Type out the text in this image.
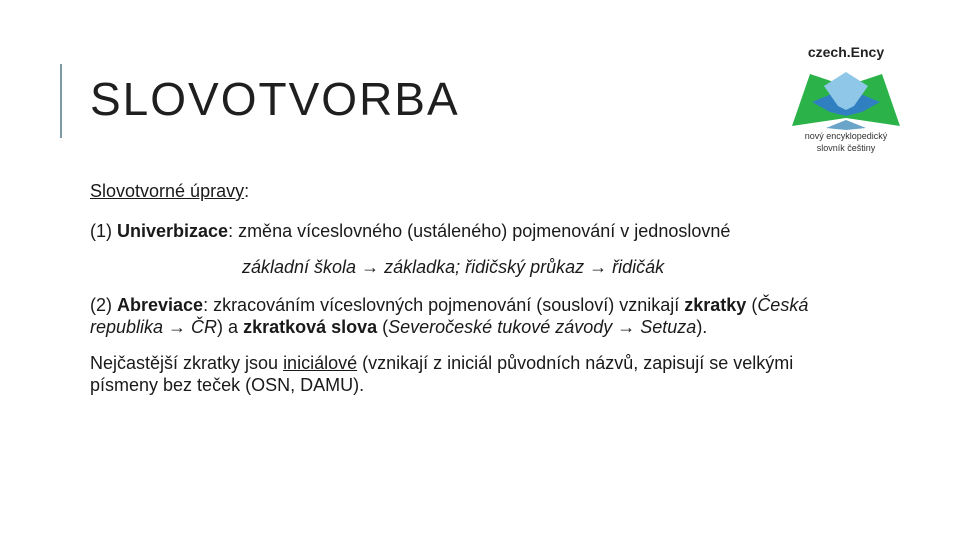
SLOVOTVORBA
czech.Ency
nový encyklopedický
slovník češtiny

Slovotvorné úpravy:

(1) Univerbizace: změna víceslovného (ustáleného) pojmenování v jednoslovné

základní škola → základka; řidičský průkaz → řidičák

(2) Abreviace: zkracováním víceslovných pojmenování (sousloví) vznikají zkratky (Česká republika → ČR) a zkratková slova (Severočeské tukové závody → Setuza).

Nejčastější zkratky jsou iniciálové (vznikají z iniciál původních názvů, zapisují se velkými písmeny bez teček (OSN, DAMU).
